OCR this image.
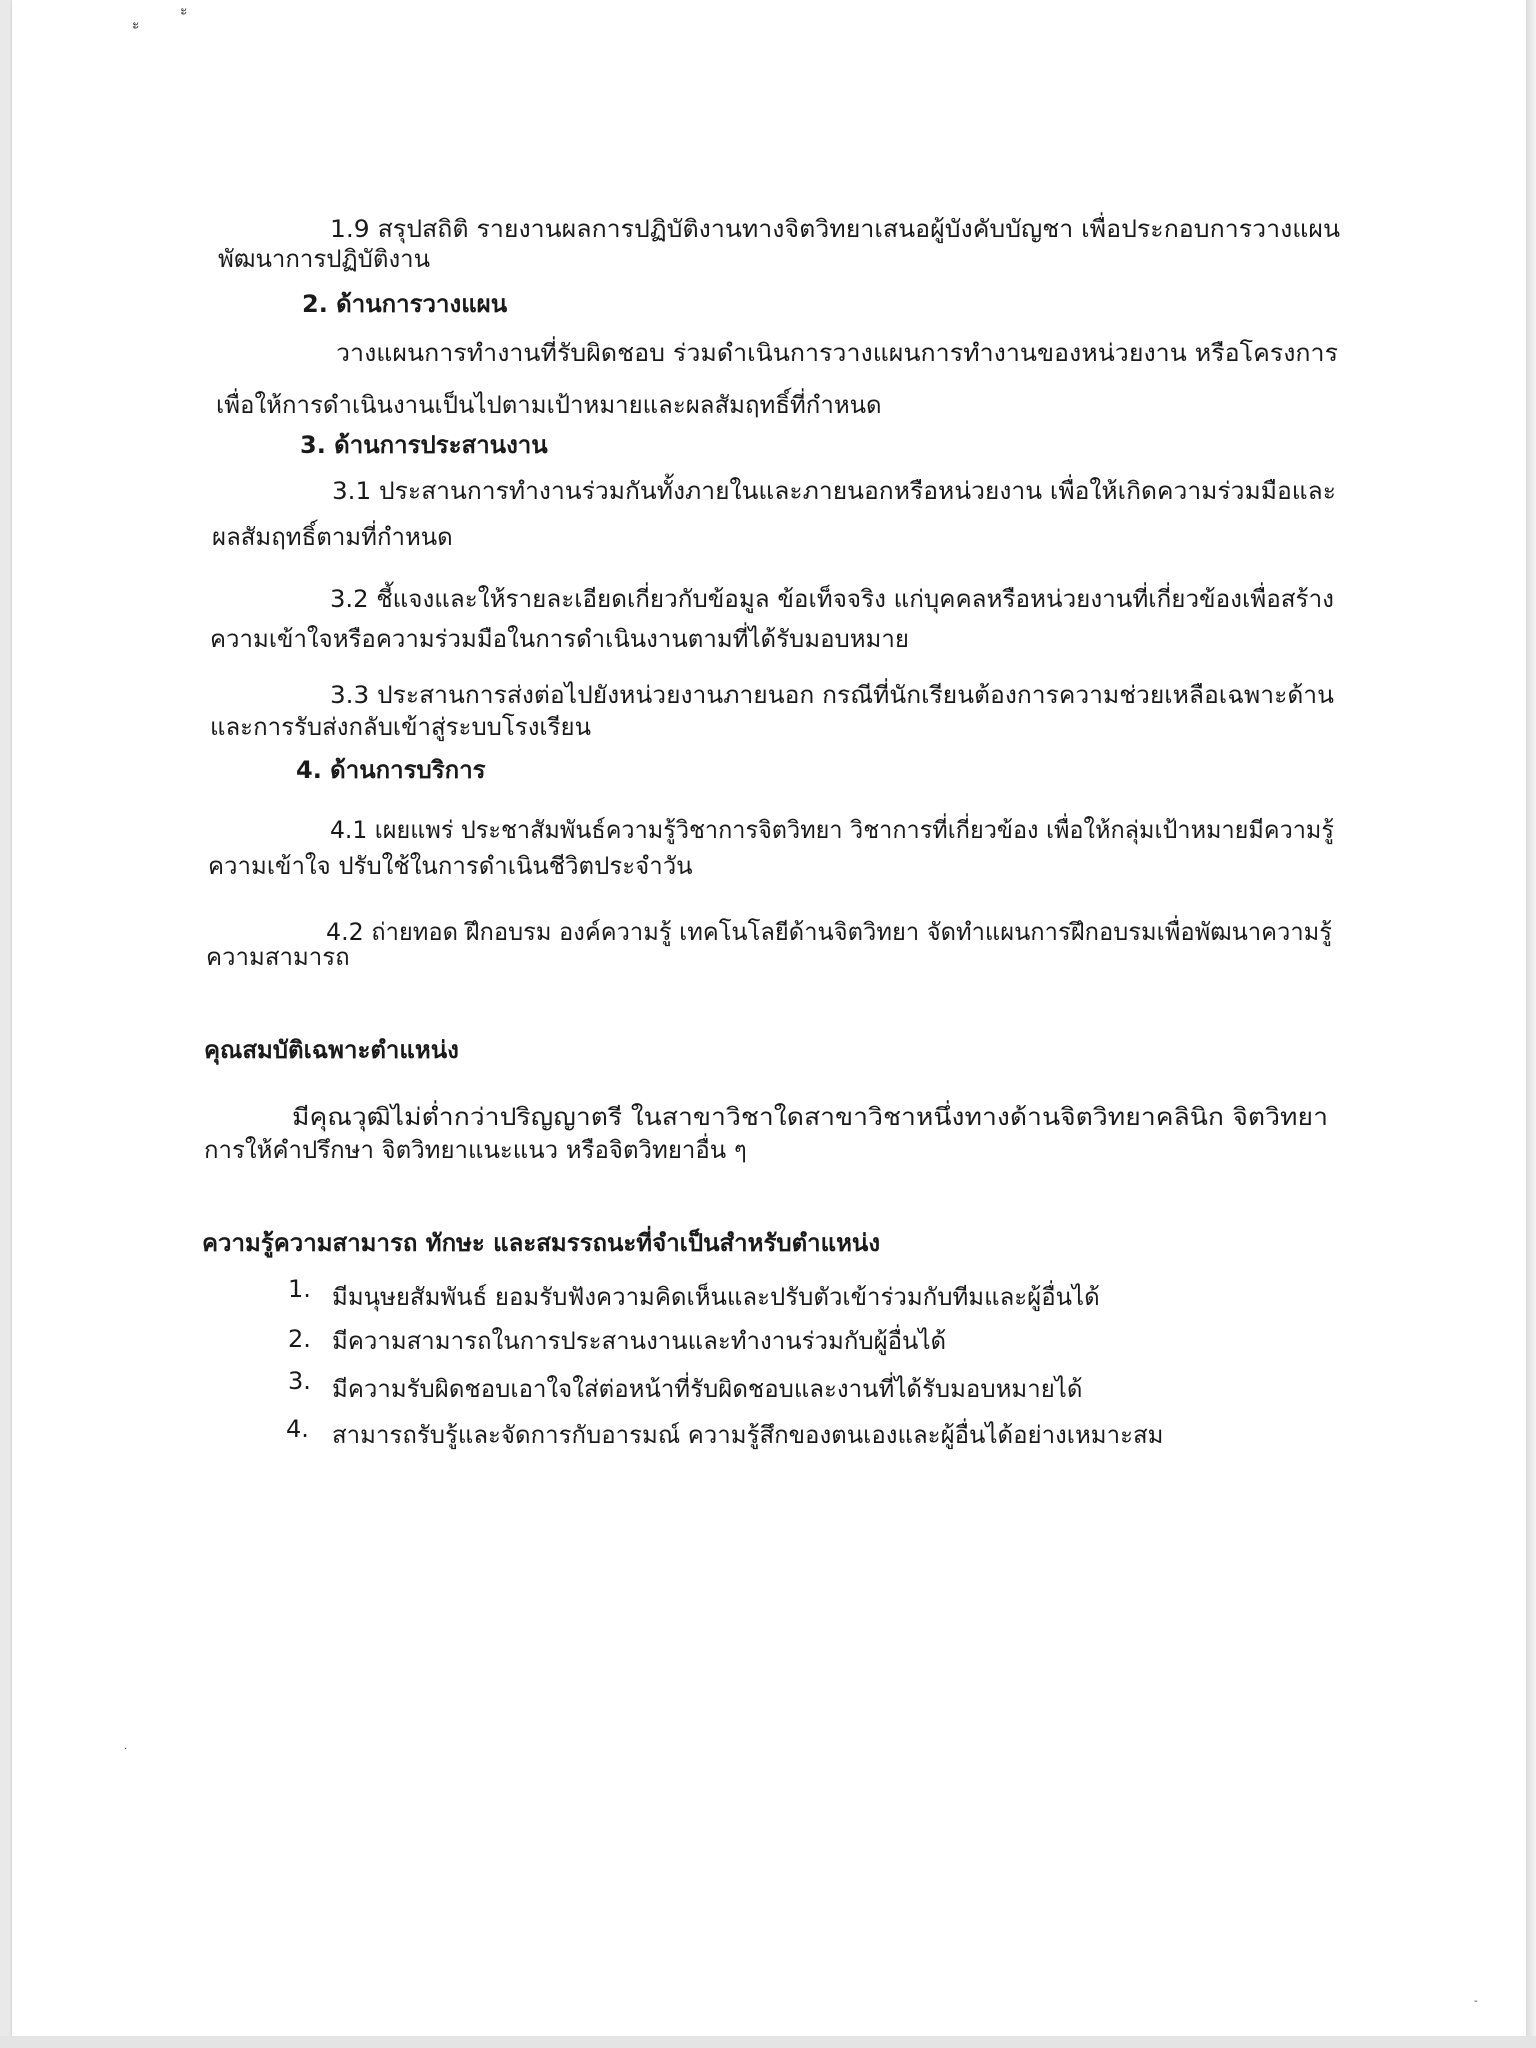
ะ
ะ
1.9 สรุปสถิติ รายงานผลการปฏิบัติงานทางจิตวิทยาเสนอผู้บังคับบัญชา เพื่อประกอบการวางแผน
พัฒนาการปฏิบัติงาน
2. ด้านการวางแผน
วางแผนการทำงานที่รับผิดชอบ ร่วมดำเนินการวางแผนการทำงานของหน่วยงาน หรือโครงการ
เพื่อให้การดำเนินงานเป็นไปตามเป้าหมายและผลสัมฤทธิ์ที่กำหนด
3. ด้านการประสานงาน
3.1 ประสานการทำงานร่วมกันทั้งภายในและภายนอกหรือหน่วยงาน เพื่อให้เกิดความร่วมมือและ
ผลสัมฤทธิ์ตามที่กำหนด
3.2 ชี้แจงและให้รายละเอียดเกี่ยวกับข้อมูล ข้อเท็จจริง แก่บุคคลหรือหน่วยงานที่เกี่ยวข้องเพื่อสร้าง
ความเข้าใจหรือความร่วมมือในการดำเนินงานตามที่ได้รับมอบหมาย
3.3 ประสานการส่งต่อไปยังหน่วยงานภายนอก กรณีที่นักเรียนต้องการความช่วยเหลือเฉพาะด้าน
และการรับส่งกลับเข้าสู่ระบบโรงเรียน
4. ด้านการบริการ
4.1 เผยแพร่ ประชาสัมพันธ์ความรู้วิชาการจิตวิทยา วิชาการที่เกี่ยวข้อง เพื่อให้กลุ่มเป้าหมายมีความรู้
ความเข้าใจ ปรับใช้ในการดำเนินชีวิตประจำวัน
4.2 ถ่ายทอด ฝึกอบรม องค์ความรู้ เทคโนโลยีด้านจิตวิทยา จัดทำแผนการฝึกอบรมเพื่อพัฒนาความรู้
ความสามารถ
คุณสมบัติเฉพาะตำแหน่ง
มีคุณวุฒิไม่ต่ำกว่าปริญญาตรี ในสาขาวิชาใดสาขาวิชาหนึ่งทางด้านจิตวิทยาคลินิก จิตวิทยา
การให้คำปรึกษา จิตวิทยาแนะแนว หรือจิตวิทยาอื่น ๆ
ความรู้ความสามารถ ทักษะ และสมรรถนะที่จำเป็นสำหรับตำแหน่ง
1. มีมนุษยสัมพันธ์ ยอมรับฟังความคิดเห็นและปรับตัวเข้าร่วมกับทีมและผู้อื่นได้
2. มีความสามารถในการประสานงานและทำงานร่วมกับผู้อื่นได้
3. มีความรับผิดชอบเอาใจใส่ต่อหน้าที่รับผิดชอบและงานที่ได้รับมอบหมายได้
4. สามารถรับรู้และจัดการกับอารมณ์ ความรู้สึกของตนเองและผู้อื่นได้อย่างเหมาะสม
·
-
